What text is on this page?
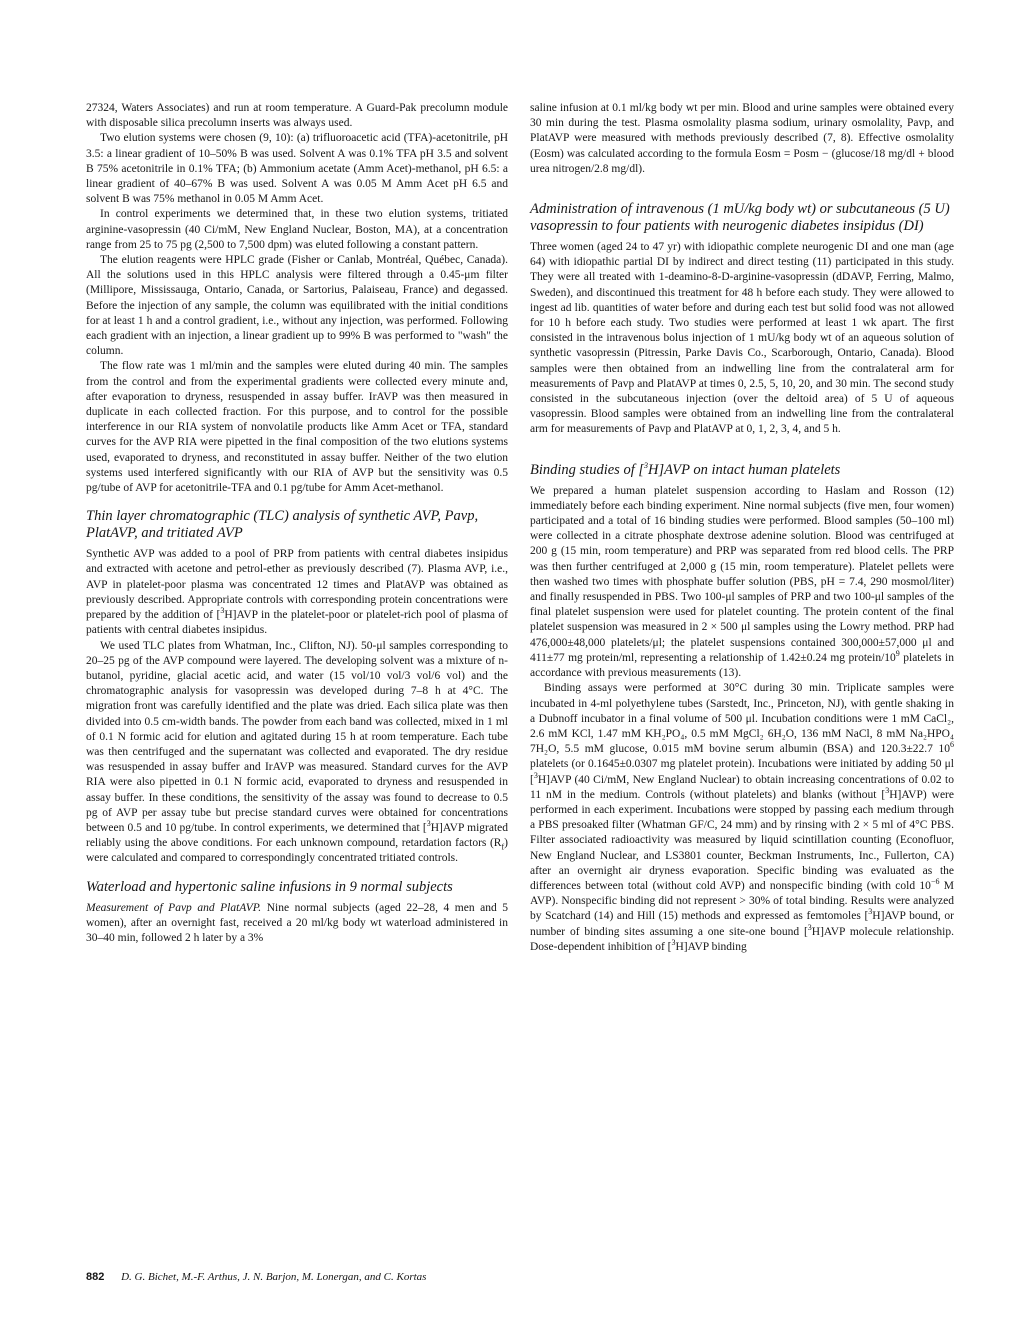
27324, Waters Associates) and run at room temperature. A Guard-Pak precolumn module with disposable silica precolumn inserts was always used.

Two elution systems were chosen (9, 10): (a) trifluoroacetic acid (TFA)-acetonitrile, pH 3.5: a linear gradient of 10–50% B was used. Solvent A was 0.1% TFA pH 3.5 and solvent B 75% acetonitrile in 0.1% TFA; (b) Ammonium acetate (Amm Acet)-methanol, pH 6.5: a linear gradient of 40–67% B was used. Solvent A was 0.05 M Amm Acet pH 6.5 and solvent B was 75% methanol in 0.05 M Amm Acet.

In control experiments we determined that, in these two elution systems, tritiated arginine-vasopressin (40 Ci/mM, New England Nuclear, Boston, MA), at a concentration range from 25 to 75 pg (2,500 to 7,500 dpm) was eluted following a constant pattern.

The elution reagents were HPLC grade (Fisher or Canlab, Montréal, Québec, Canada). All the solutions used in this HPLC analysis were filtered through a 0.45-μm filter (Millipore, Mississauga, Ontario, Canada, or Sartorius, Palaiseau, France) and degassed. Before the injection of any sample, the column was equilibrated with the initial conditions for at least 1 h and a control gradient, i.e., without any injection, was performed. Following each gradient with an injection, a linear gradient up to 99% B was performed to "wash" the column.

The flow rate was 1 ml/min and the samples were eluted during 40 min. The samples from the control and from the experimental gradients were collected every minute and, after evaporation to dryness, resuspended in assay buffer. IrAVP was then measured in duplicate in each collected fraction. For this purpose, and to control for the possible interference in our RIA system of nonvolatile products like Amm Acet or TFA, standard curves for the AVP RIA were pipetted in the final composition of the two elutions systems used, evaporated to dryness, and reconstituted in assay buffer. Neither of the two elution systems used interfered significantly with our RIA of AVP but the sensitivity was 0.5 pg/tube of AVP for acetonitrile-TFA and 0.1 pg/tube for Amm Acet-methanol.

Thin layer chromatographic (TLC) analysis of synthetic AVP, Pavp, PlatAVP, and tritiated AVP

Synthetic AVP was added to a pool of PRP from patients with central diabetes insipidus and extracted with acetone and petrol-ether as previously described (7). Plasma AVP, i.e., AVP in platelet-poor plasma was concentrated 12 times and PlatAVP was obtained as previously described. Appropriate controls with corresponding protein concentrations were prepared by the addition of [$^3$H]AVP in the platelet-poor or platelet-rich pool of plasma of patients with central diabetes insipidus.

We used TLC plates from Whatman, Inc., Clifton, NJ). 50-μl samples corresponding to 20–25 pg of the AVP compound were layered. The developing solvent was a mixture of n-butanol, pyridine, glacial acetic acid, and water (15 vol/10 vol/3 vol/6 vol) and the chromatographic analysis for vasopressin was developed during 7–8 h at 4°C. The migration front was carefully identified and the plate was dried. Each silica plate was then divided into 0.5 cm-width bands. The powder from each band was collected, mixed in 1 ml of 0.1 N formic acid for elution and agitated during 15 h at room temperature. Each tube was then centrifuged and the supernatant was collected and evaporated. The dry residue was resuspended in assay buffer and IrAVP was measured. Standard curves for the AVP RIA were also pipetted in 0.1 N formic acid, evaporated to dryness and resuspended in assay buffer. In these conditions, the sensitivity of the assay was found to decrease to 0.5 pg of AVP per assay tube but precise standard curves were obtained for concentrations between 0.5 and 10 pg/tube. In control experiments, we determined that [$^3$H]AVP migrated reliably using the above conditions. For each unknown compound, retardation factors $(R_f)$ were calculated and compared to correspondingly concentrated tritiated controls.

Waterload and hypertonic saline infusions in 9 normal subjects

Measurement of Pavp and PlatAVP. Nine normal subjects (aged 22–28, 4 men and 5 women), after an overnight fast, received a 20 ml/kg body wt waterload administered in 30–40 min, followed 2 h later by a 3%

saline infusion at 0.1 ml/kg body wt per min. Blood and urine samples were obtained every 30 min during the test. Plasma osmolality plasma sodium, urinary osmolality, Pavp, and PlatAVP were measured with methods previously described (7, 8). Effective osmolality (Eosm) was calculated according to the formula Eosm = Posm − (glucose/18 mg/dl + blood urea nitrogen/2.8 mg/dl).

Administration of intravenous (1 mU/kg body wt) or subcutaneous (5 U) vasopressin to four patients with neurogenic diabetes insipidus (DI)

Three women (aged 24 to 47 yr) with idiopathic complete neurogenic DI and one man (age 64) with idiopathic partial DI by indirect and direct testing (11) participated in this study. They were all treated with 1-deamino-8-D-arginine-vasopressin (dDAVP, Ferring, Malmo, Sweden), and discontinued this treatment for 48 h before each study. They were allowed to ingest ad lib. quantities of water before and during each test but solid food was not allowed for 10 h before each study. Two studies were performed at least 1 wk apart. The first consisted in the intravenous bolus injection of 1 mU/kg body wt of an aqueous solution of synthetic vasopressin (Pitressin, Parke Davis Co., Scarborough, Ontario, Canada). Blood samples were then obtained from an indwelling line from the contralateral arm for measurements of Pavp and PlatAVP at times 0, 2.5, 5, 10, 20, and 30 min. The second study consisted in the subcutaneous injection (over the deltoid area) of 5 U of aqueous vasopressin. Blood samples were obtained from an indwelling line from the contralateral arm for measurements of Pavp and PlatAVP at 0, 1, 2, 3, 4, and 5 h.

Binding studies of [$^3$H]AVP on intact human platelets

We prepared a human platelet suspension according to Haslam and Rosson (12) immediately before each binding experiment. Nine normal subjects (five men, four women) participated and a total of 16 binding studies were performed. Blood samples (50–100 ml) were collected in a citrate phosphate dextrose adenine solution. Blood was centrifuged at 200 g (15 min, room temperature) and PRP was separated from red blood cells. The PRP was then further centrifuged at 2,000 g (15 min, room temperature). Platelet pellets were then washed two times with phosphate buffer solution (PBS, pH = 7.4, 290 mosmol/liter) and finally resuspended in PBS. Two 100-μl samples of PRP and two 100-μl samples of the final platelet suspension were used for platelet counting. The protein content of the final platelet suspension was measured in 2 × 500 μl samples using the Lowry method. PRP had 476,000±48,000 platelets/μl; the platelet suspensions contained 300,000±57,000 μl and 411±77 mg protein/ml, representing a relationship of 1.42±0.24 mg protein/$10^9$ platelets in accordance with previous measurements (13).

Binding assays were performed at 30°C during 30 min. Triplicate samples were incubated in 4-ml polyethylene tubes (Sarstedt, Inc., Princeton, NJ), with gentle shaking in a Dubnoff incubator in a final volume of 500 μl. Incubation conditions were 1 mM CaCl₂, 2.6 mM KCl, 1.47 mM KH₂PO₄, 0.5 mM MgCl₂ 6H₂O, 136 mM NaCl, 8 mM Na₂HPO₄ 7H₂O, 5.5 mM glucose, 0.015 mM bovine serum albumin (BSA) and 120.3±22.7 $10^6$ platelets (or 0.1645±0.0307 mg platelet protein). Incubations were initiated by adding 50 μl [$^3$H]AVP (40 Ci/mM, New England Nuclear) to obtain increasing concentrations of 0.02 to 11 nM in the medium. Controls (without platelets) and blanks (without [$^3$H]AVP) were performed in each experiment. Incubations were stopped by passing each medium through a PBS presoaked filter (Whatman GF/C, 24 mm) and by rinsing with 2 × 5 ml of 4°C PBS. Filter associated radioactivity was measured by liquid scintillation counting (Econofluor, New England Nuclear, and LS3801 counter, Beckman Instruments, Inc., Fullerton, CA) after an overnight air dryness evaporation. Specific binding was evaluated as the differences between total (without cold AVP) and nonspecific binding (with cold $10^{-6}$ M AVP). Nonspecific binding did not represent > 30% of total binding. Results were analyzed by Scatchard (14) and Hill (15) methods and expressed as femtomoles [$^3$H]AVP bound, or number of binding sites assuming a one site-one bound [$^3$H]AVP molecule relationship. Dose-dependent inhibition of [$^3$H]AVP binding

882 D. G. Bichet, M.-F. Arthus, J. N. Barjon, M. Lonergan, and C. Kortas
